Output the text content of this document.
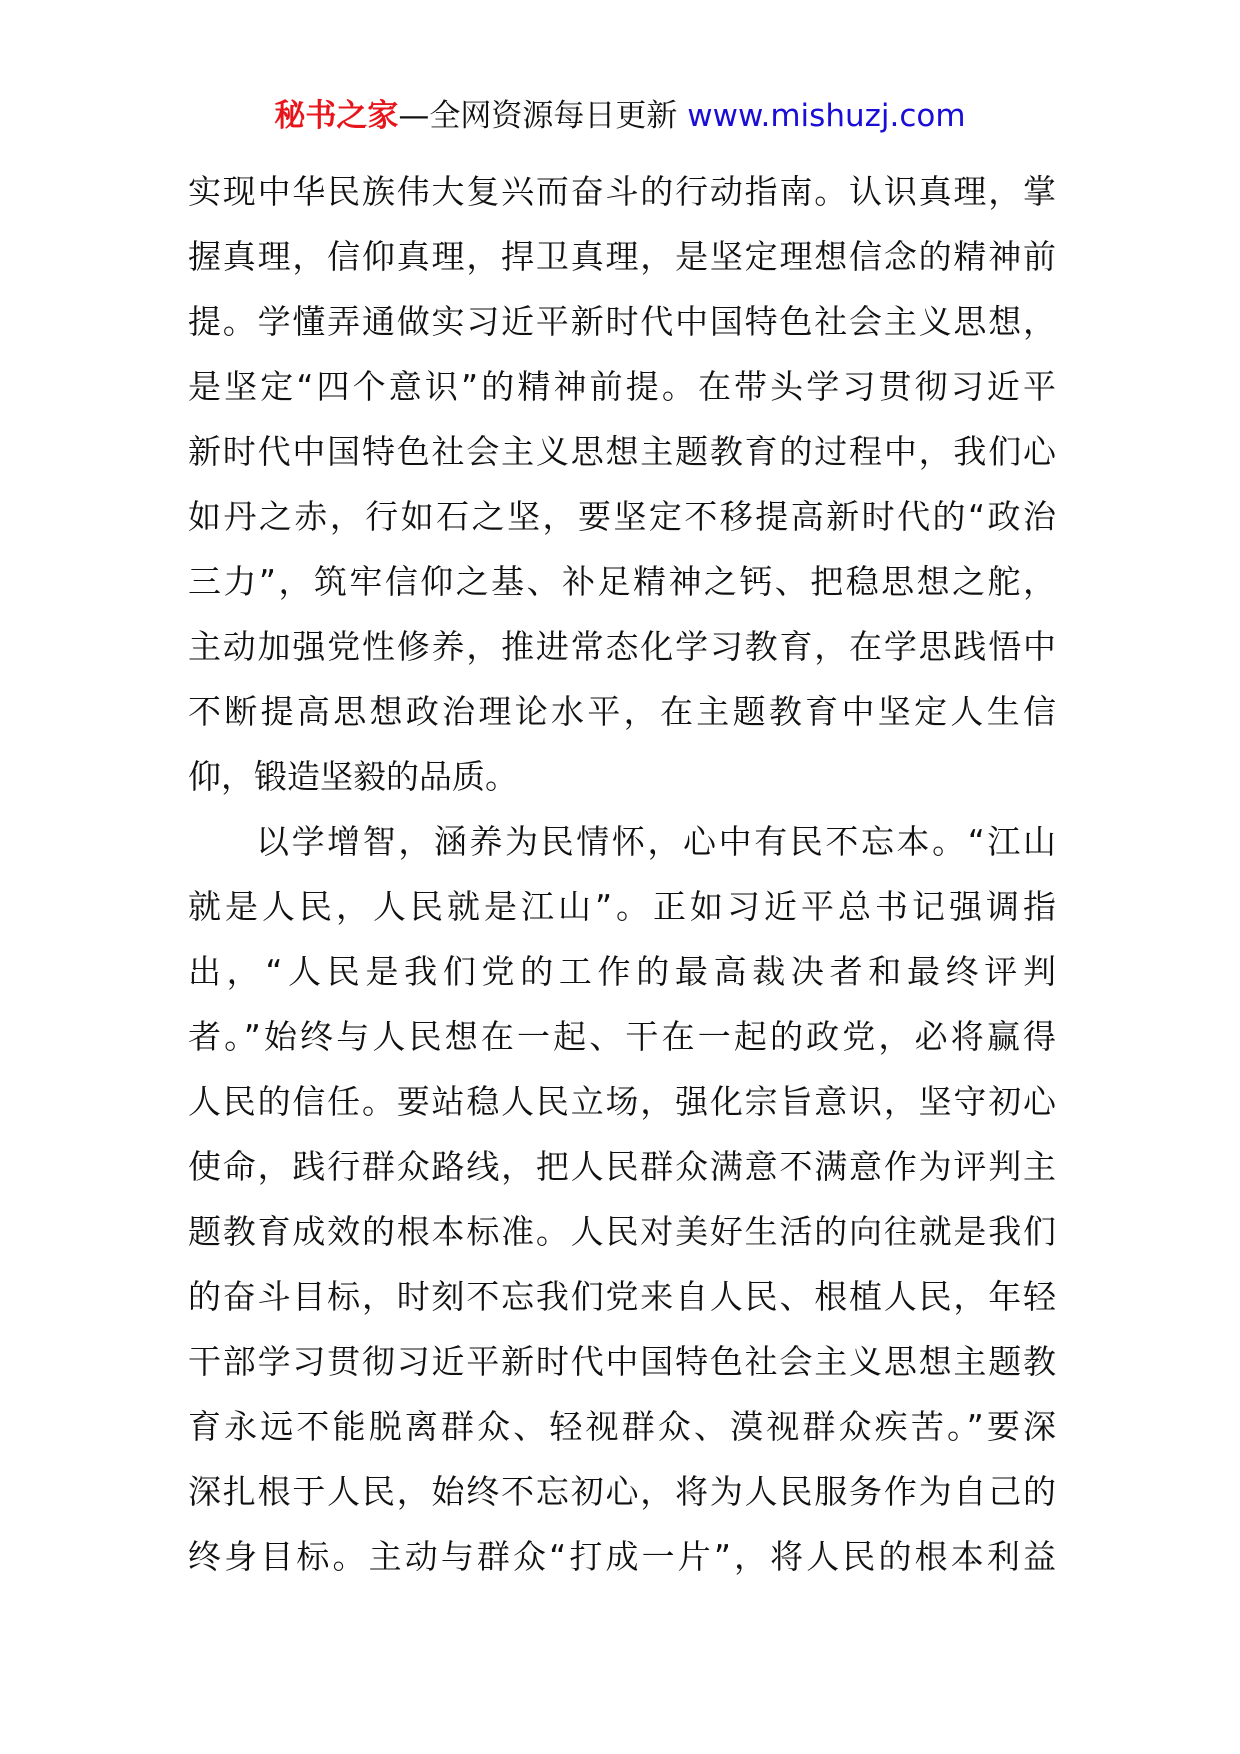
秘书之家—全网资源每日更新 www.mishuzj.com
实现中华民族伟大复兴而奋斗的行动指南。认识真理，掌
握真理，信仰真理，捍卫真理，是坚定理想信念的精神前
提。学懂弄通做实习近平新时代中国特色社会主义思想，
是坚定“四个意识”的精神前提。在带头学习贯彻习近平
新时代中国特色社会主义思想主题教育的过程中，我们心
如丹之赤，行如石之坚，要坚定不移提高新时代的“政治
三力”，筑牢信仰之基、补足精神之钙、把稳思想之舵，
主动加强党性修养，推进常态化学习教育，在学思践悟中
不断提高思想政治理论水平，在主题教育中坚定人生信
仰，锻造坚毅的品质。
以学增智，涵养为民情怀，心中有民不忘本。“江山
就是人民，人民就是江山”。正如习近平总书记强调指
出，“人民是我们党的工作的最高裁决者和最终评判
者。”始终与人民想在一起、干在一起的政党，必将赢得
人民的信任。要站稳人民立场，强化宗旨意识，坚守初心
使命，践行群众路线，把人民群众满意不满意作为评判主
题教育成效的根本标准。人民对美好生活的向往就是我们
的奋斗目标，时刻不忘我们党来自人民、根植人民，年轻
干部学习贯彻习近平新时代中国特色社会主义思想主题教
育永远不能脱离群众、轻视群众、漠视群众疾苦。”要深
深扎根于人民，始终不忘初心，将为人民服务作为自己的
终身目标。主动与群众“打成一片”，将人民的根本利益
